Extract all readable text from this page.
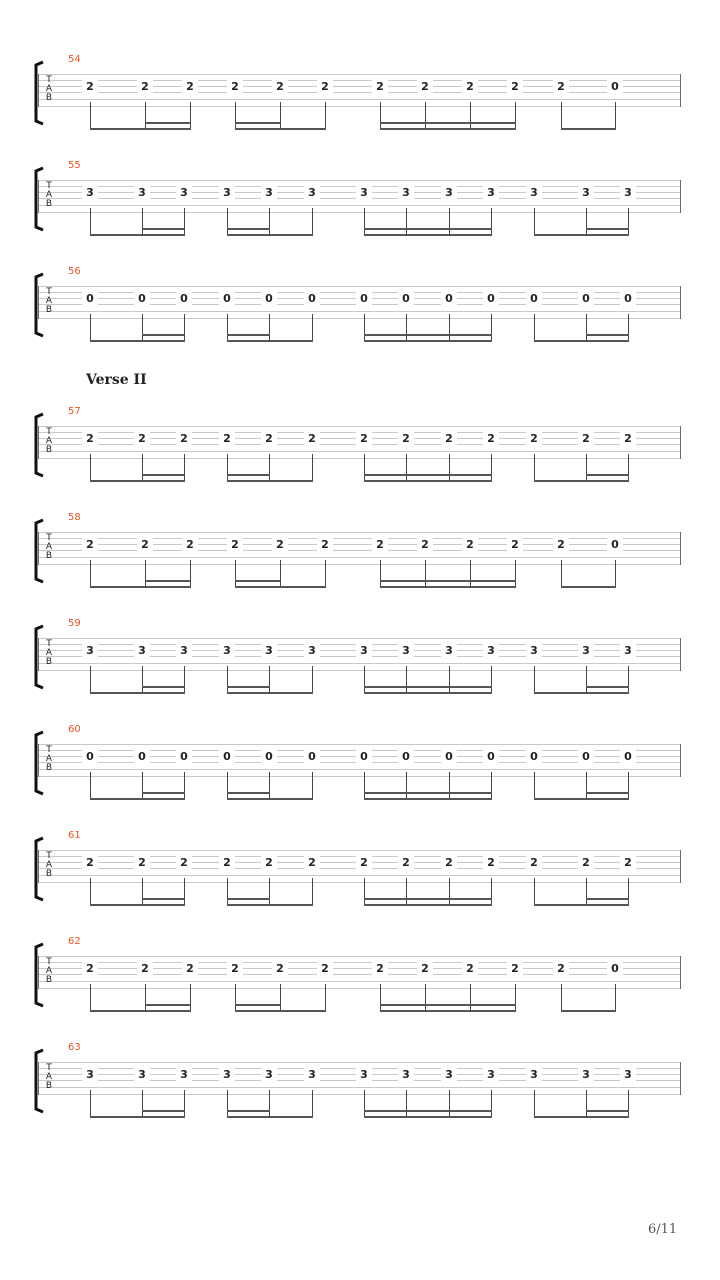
54
T
A
B
2	2	2	2	2	2	2	2	2	2	2	0
55
T
A
B
3	3	3	3	3	3	3	3	3	3	3	3	3
56
T
A
B
0	0	0	0	0	0	0	0	0	0	0	0	0
57
T
A
B
2	2	2	2	2	2	2	2	2	2	2	2	2
58
T
A
B
2	2	2	2	2	2	2	2	2	2	2	0
59
T
A
B
3	3	3	3	3	3	3	3	3	3	3	3	3
60
T
A
B
0	0	0	0	0	0	0	0	0	0	0	0	0
61
T
A
B
2	2	2	2	2	2	2	2	2	2	2	2	2
62
T
A
B
2	2	2	2	2	2	2	2	2	2	2	0
63
T
A
B
3	3	3	3	3	3	3	3	3	3	3	3	3
Verse II
6/11
